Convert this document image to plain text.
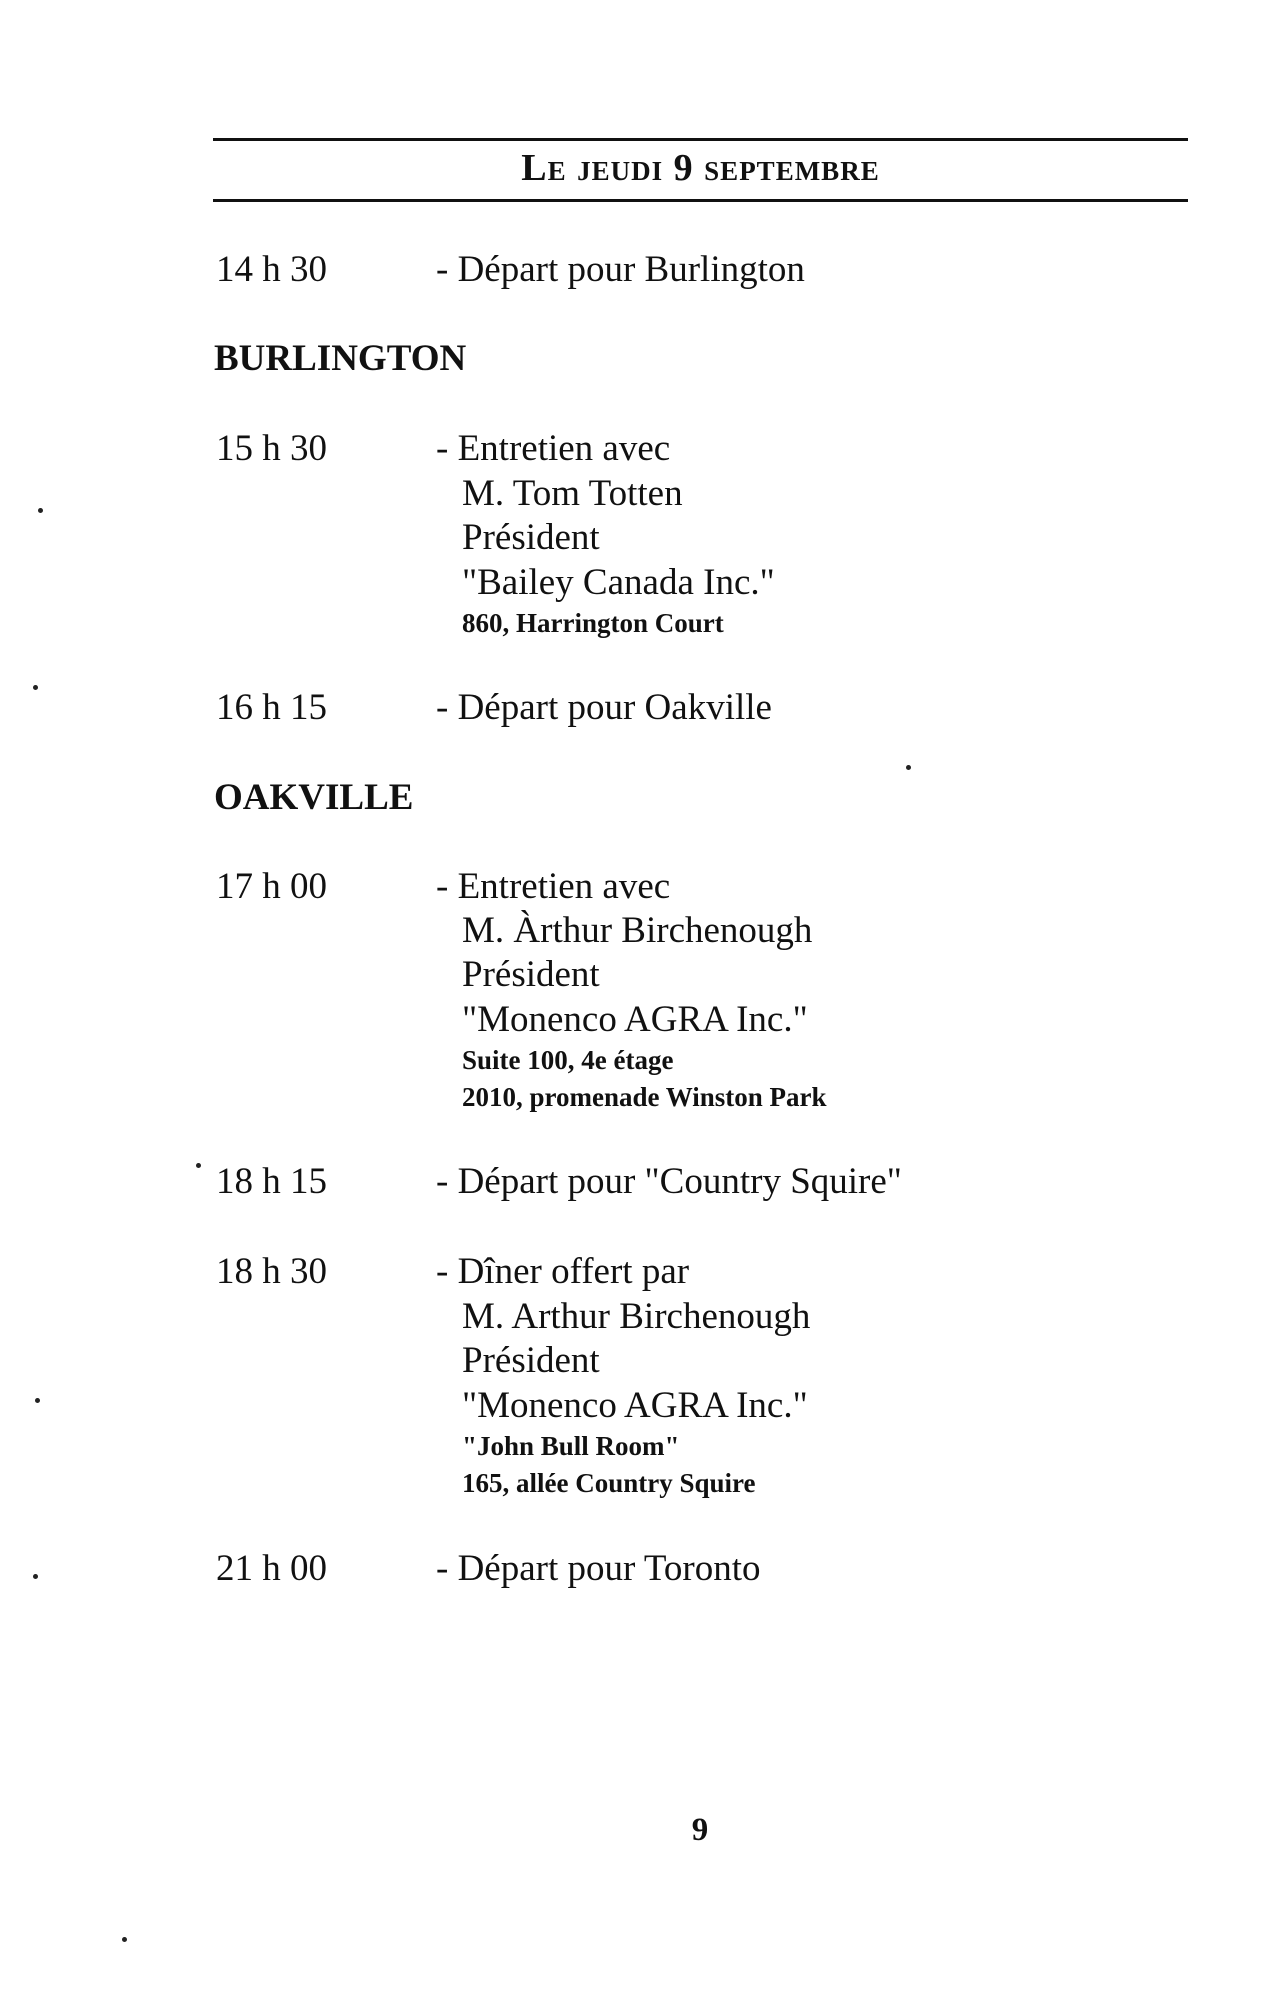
Le jeudi 9 septembre
14 h 30	- Départ pour Burlington
BURLINGTON
15 h 30	- Entretien avec
M. Tom Totten
Président
"Bailey Canada Inc."
860, Harrington Court
16 h 15	- Départ pour Oakville
OAKVILLE
17 h 00	- Entretien avec
M. Àrthur Birchenough
Président
"Monenco AGRA Inc."
Suite 100, 4e étage
2010, promenade Winston Park
18 h 15	- Départ pour "Country Squire"
18 h 30	- Dîner offert par
M. Arthur Birchenough
Président
"Monenco AGRA Inc."
"John Bull Room"
165, allée Country Squire
21 h 00	- Départ pour Toronto
9
